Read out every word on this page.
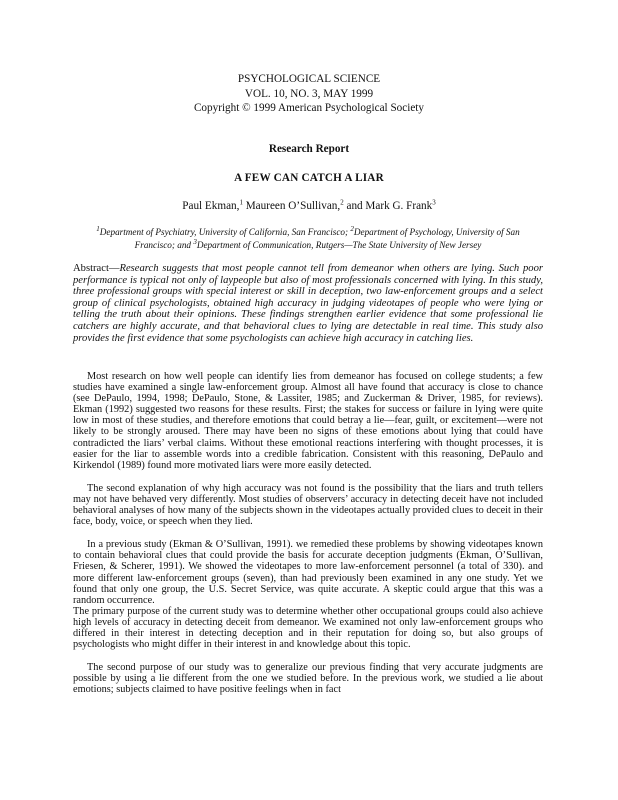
PSYCHOLOGICAL SCIENCE
VOL. 10, NO. 3, MAY 1999
Copyright © 1999 American Psychological Society
Research Report
A FEW CAN CATCH A LIAR
Paul Ekman,$^1$ Maureen O’Sullivan,$^2$ and Mark G. Frank$^3$
$^1$Department of Psychiatry, University of California, San Francisco; $^2$Department of Psychology, University of San Francisco; and $^3$Department of Communication, Rutgers—The State University of New Jersey
Abstract—Research suggests that most people cannot tell from demeanor when others are lying. Such poor performance is typical not only of laypeople but also of most professionals concerned with lying. In this study, three professional groups with special interest or skill in deception, two law-enforcement groups and a select group of clinical psychologists, obtained high accuracy in judging videotapes of people who were lying or telling the truth about their opinions. These findings strengthen earlier evidence that some professional lie catchers are highly accurate, and that behavioral clues to lying are detectable in real time. This study also provides the first evidence that some psychologists can achieve high accuracy in catching lies.

Most research on how well people can identify lies from demeanor has focused on college students; a few studies have examined a single law-enforcement group. Almost all have found that accuracy is close to chance (see DePaulo, 1994, 1998; DePaulo, Stone, & Lassiter, 1985; and Zuckerman & Driver, 1985, for reviews). Ekman (1992) suggested two reasons for these results. First; the stakes for success or failure in lying were quite low in most of these studies, and therefore emotions that could betray a lie—fear, guilt, or excitement—were not likely to be strongly aroused. There may have been no signs of these emotions about lying that could have contradicted the liars’ verbal claims. Without these emotional reactions interfering with thought processes, it is easier for the liar to assemble words into a credible fabrication. Consistent with this reasoning, DePaulo and Kirkendol (1989) found more motivated liars were more easily detected.

The second explanation of why high accuracy was not found is the possibility that the liars and truth tellers may not have behaved very differently. Most studies of observers’ accuracy in detecting deceit have not included behavioral analyses of how many of the subjects shown in the videotapes actually provided clues to deceit in their face, body, voice, or speech when they lied.

In a previous study (Ekman & O’Sullivan, 1991). we remedied these problems by showing videotapes known to contain behavioral clues that could provide the basis for accurate deception judgments (Ekman, O’Sullivan, Friesen, & Scherer, 1991). We showed the videotapes to more law-enforcement personnel (a total of 330). and more different law-enforcement groups (seven), than had previously been examined in any one study. Yet we found that only one group, the U.S. Secret Service, was quite accurate. A skeptic could argue that this was a random occurrence.

The primary purpose of the current study was to determine whether other occupational groups could also achieve high levels of accuracy in detecting deceit from demeanor. We examined not only law-enforcement groups who differed in their interest in detecting deception and in their reputation for doing so, but also groups of psychologists who might differ in their interest in and knowledge about this topic.

The second purpose of our study was to generalize our previous finding that very accurate judgments are possible by using a lie different from the one we studied before. In the previous work, we studied a lie about emotions; subjects claimed to have positive feelings when in fact
